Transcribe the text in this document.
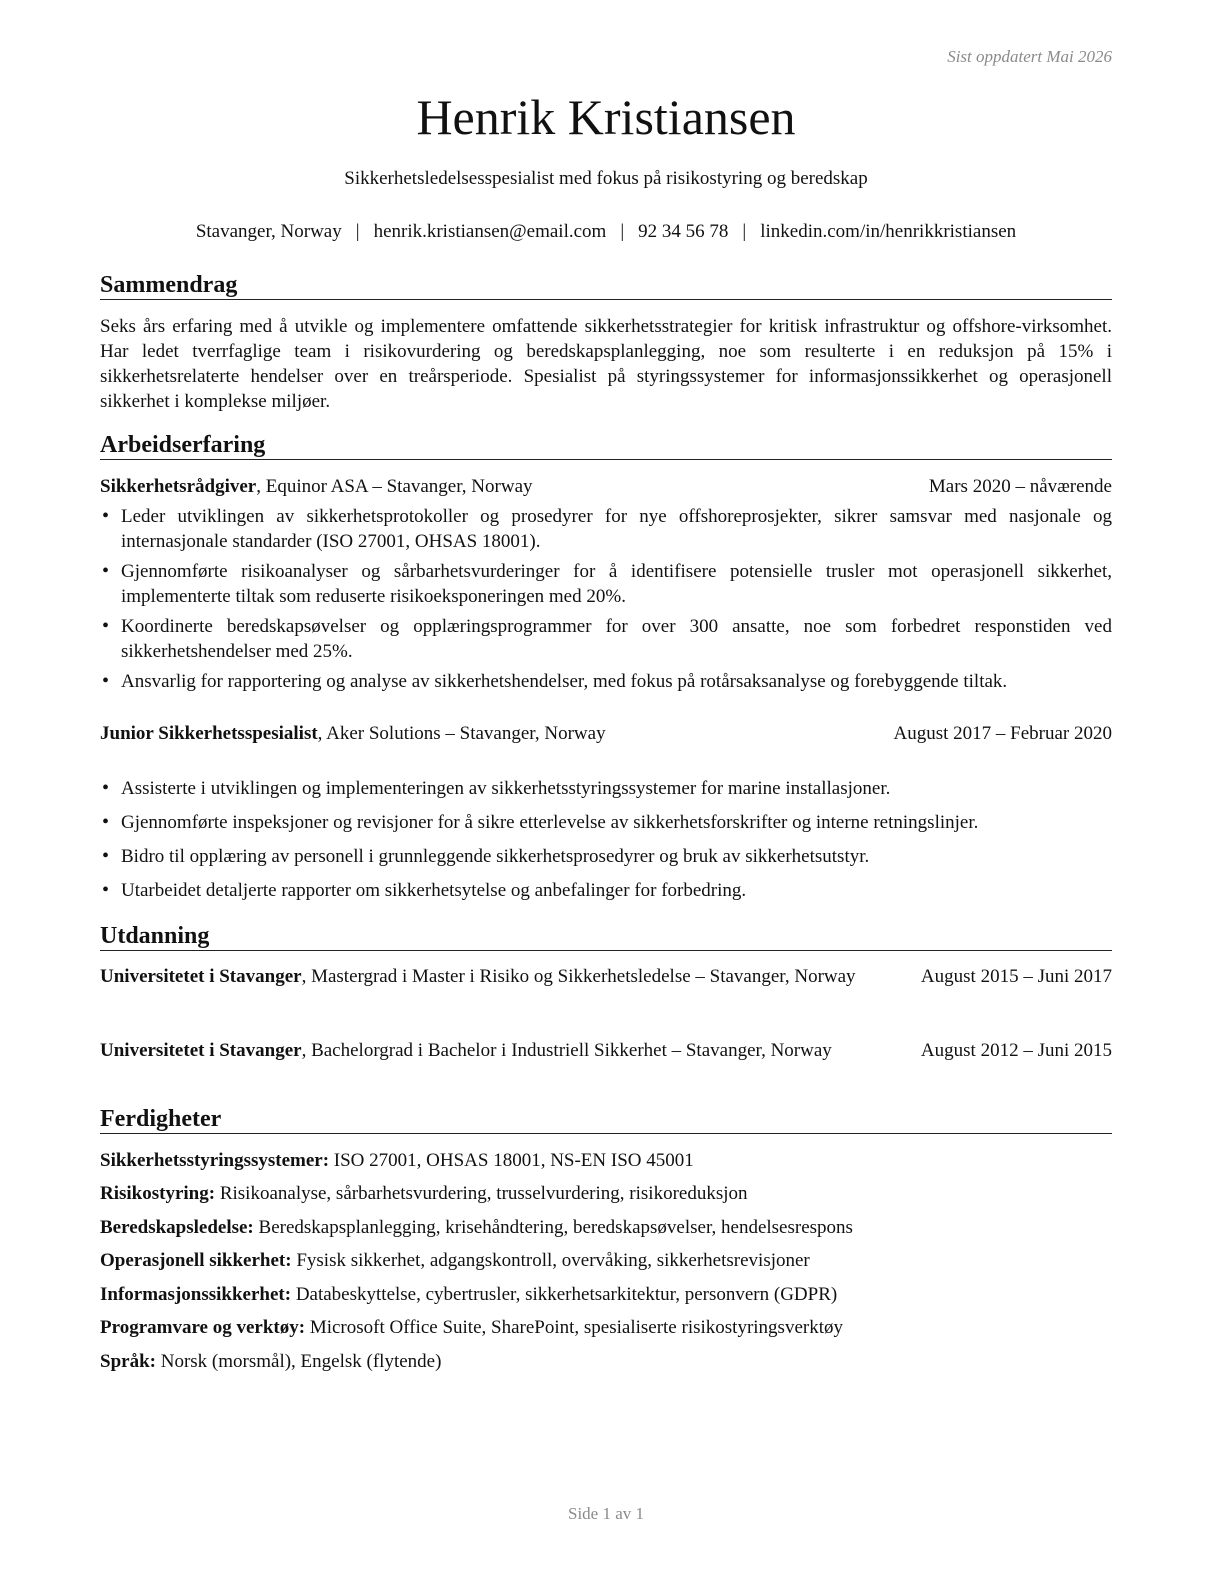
Sist oppdatert Mai 2026
Henrik Kristiansen
Sikkerhetsledelsesspesialist med fokus på risikostyring og beredskap
Stavanger, Norway | henrik.kristiansen@email.com | 92 34 56 78 | linkedin.com/in/henrikkristiansen
Sammendrag
Seks års erfaring med å utvikle og implementere omfattende sikkerhetsstrategier for kritisk infrastruktur og offshore-virksomhet. Har ledet tverrfaglige team i risikovurdering og beredskapsplanlegging, noe som resulterte i en reduksjon på 15% i sikkerhetsrelaterte hendelser over en treårsperiode. Spesialist på styringssystemer for informasjonssikkerhet og operasjonell sikkerhet i komplekse miljøer.
Arbeidserfaring
Sikkerhetsrådgiver, Equinor ASA – Stavanger, Norway	Mars 2020 – nåværende
• Leder utviklingen av sikkerhetsprotokoller og prosedyrer for nye offshoreprosjekter, sikrer samsvar med nasjonale og internasjonale standarder (ISO 27001, OHSAS 18001).
• Gjennomførte risikoanalyser og sårbarhetsvurderinger for å identifisere potensielle trusler mot operasjonell sikkerhet, implementerte tiltak som reduserte risikoeksponeringen med 20%.
• Koordinerte beredskapsøvelser og opplæringsprogrammer for over 300 ansatte, noe som forbedret responstiden ved sikkerhetshendelser med 25%.
• Ansvarlig for rapportering og analyse av sikkerhetshendelser, med fokus på rotårsaksanalyse og forebyggende tiltak.
Junior Sikkerhetsspesialist, Aker Solutions – Stavanger, Norway	August 2017 – Februar 2020
• Assisterte i utviklingen og implementeringen av sikkerhetsstyringssystemer for marine installasjoner.
• Gjennomførte inspeksjoner og revisjoner for å sikre etterlevelse av sikkerhetsforskrifter og interne retningslinjer.
• Bidro til opplæring av personell i grunnleggende sikkerhetsprosedyrer og bruk av sikkerhetsutstyr.
• Utarbeidet detaljerte rapporter om sikkerhetsytelse og anbefalinger for forbedring.
Utdanning
Universitetet i Stavanger, Mastergrad i Master i Risiko og Sikkerhetsledelse – Stavanger, Norway	August 2015 – Juni 2017
Universitetet i Stavanger, Bachelorgrad i Bachelor i Industriell Sikkerhet – Stavanger, Norway	August 2012 – Juni 2015
Ferdigheter
Sikkerhetsstyringssystemer: ISO 27001, OHSAS 18001, NS-EN ISO 45001
Risikostyring: Risikoanalyse, sårbarhetsvurdering, trusselvurdering, risikoreduksjon
Beredskapsledelse: Beredskapsplanlegging, krisehåndtering, beredskapsøvelser, hendelsesrespons
Operasjonell sikkerhet: Fysisk sikkerhet, adgangskontroll, overvåking, sikkerhetsrevisjoner
Informasjonssikkerhet: Databeskyttelse, cybertrusler, sikkerhetsarkitektur, personvern (GDPR)
Programvare og verktøy: Microsoft Office Suite, SharePoint, spesialiserte risikostyringsverktøy
Språk: Norsk (morsmål), Engelsk (flytende)
Side 1 av 1
